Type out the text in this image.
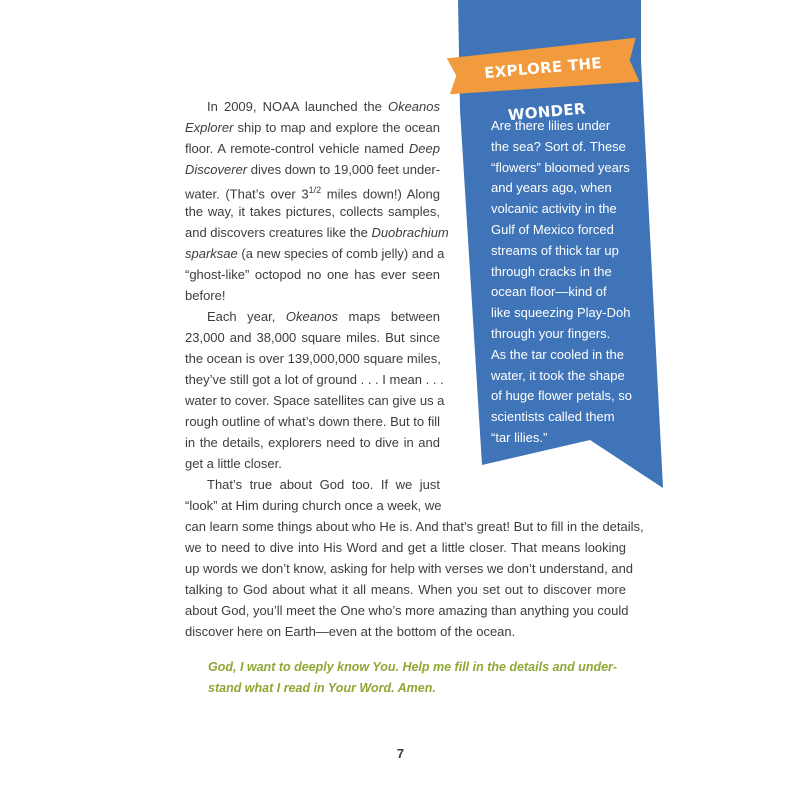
EXPLORE THE WONDER

Are there lilies under

the sea? Sort of. These

“flowers” bloomed years

and years ago, when

volcanic activity in the

Gulf of Mexico forced

streams of thick tar up

through cracks in the

ocean floor—kind of

like squeezing Play-Doh

through your fingers.

As the tar cooled in the

water, it took the shape

of huge flower petals, so

scientists called them

“tar lilies.”

In 2009, NOAA launched the Okeanos
Explorer ship to map and explore the ocean
floor. A remote-control vehicle named Deep
Discoverer dives down to 19,000 feet under-
water. (That’s over $3^{1/2}$ miles down!) Along
the way, it takes pictures, collects samples,
and discovers creatures like the Duobrachium
sparksae (a new species of comb jelly) and a
“ghost-like” octopod no one has ever seen
before!
Each year, Okeanos maps between
23,000 and 38,000 square miles. But since
the ocean is over 139,000,000 square miles,
they’ve still got a lot of ground . . . I mean . . .
water to cover. Space satellites can give us a
rough outline of what’s down there. But to fill
in the details, explorers need to dive in and
get a little closer.
That’s true about God too. If we just
“look” at Him during church once a week, we
can learn some things about who He is. And that’s great! But to fill in the details,
we to need to dive into His Word and get a little closer. That means looking
up words we don’t know, asking for help with verses we don’t understand, and
talking to God about what it all means. When you set out to discover more
about God, you’ll meet the One who’s more amazing than anything you could
discover here on Earth—even at the bottom of the ocean.
God, I want to deeply know You. Help me fill in the details and under-
stand what I read in Your Word. Amen.
7
